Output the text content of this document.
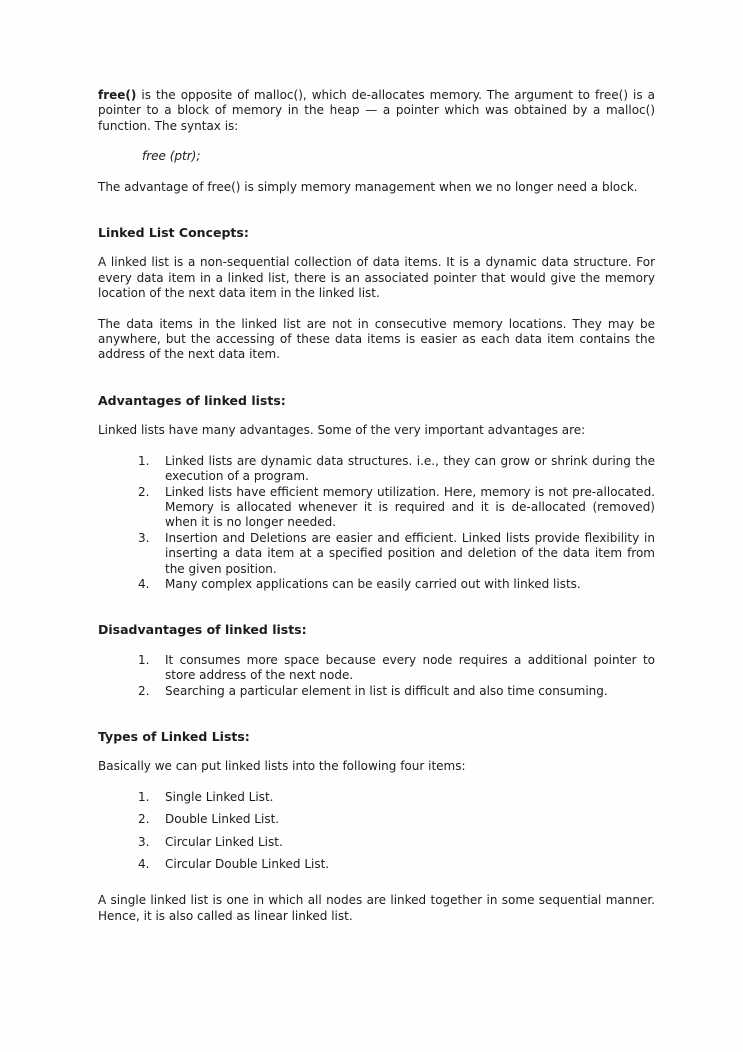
free() is the opposite of malloc(), which de-allocates memory. The argument to free() is a pointer to a block of memory in the heap — a pointer which was obtained by a malloc() function. The syntax is:

free (ptr);

The advantage of free() is simply memory management when we no longer need a block.

Linked List Concepts:

A linked list is a non-sequential collection of data items. It is a dynamic data structure. For every data item in a linked list, there is an associated pointer that would give the memory location of the next data item in the linked list.

The data items in the linked list are not in consecutive memory locations. They may be anywhere, but the accessing of these data items is easier as each data item contains the address of the next data item.

Advantages of linked lists:

Linked lists have many advantages. Some of the very important advantages are:

1.	Linked lists are dynamic data structures. i.e., they can grow or shrink during the execution of a program.
2.	Linked lists have efficient memory utilization. Here, memory is not pre-allocated. Memory is allocated whenever it is required and it is de-allocated (removed) when it is no longer needed.
3.	Insertion and Deletions are easier and efficient. Linked lists provide flexibility in inserting a data item at a specified position and deletion of the data item from the given position.
4.	Many complex applications can be easily carried out with linked lists.
Disadvantages of linked lists:
1.	It consumes more space because every node requires a additional pointer to store address of the next node.
2.	Searching a particular element in list is difficult and also time consuming.
Types of Linked Lists:

Basically we can put linked lists into the following four items:

1.	Single Linked List.
2.	Double Linked List.
3.	Circular Linked List.
4.	Circular Double Linked List.

A single linked list is one in which all nodes are linked together in some sequential manner. Hence, it is also called as linear linked list.
